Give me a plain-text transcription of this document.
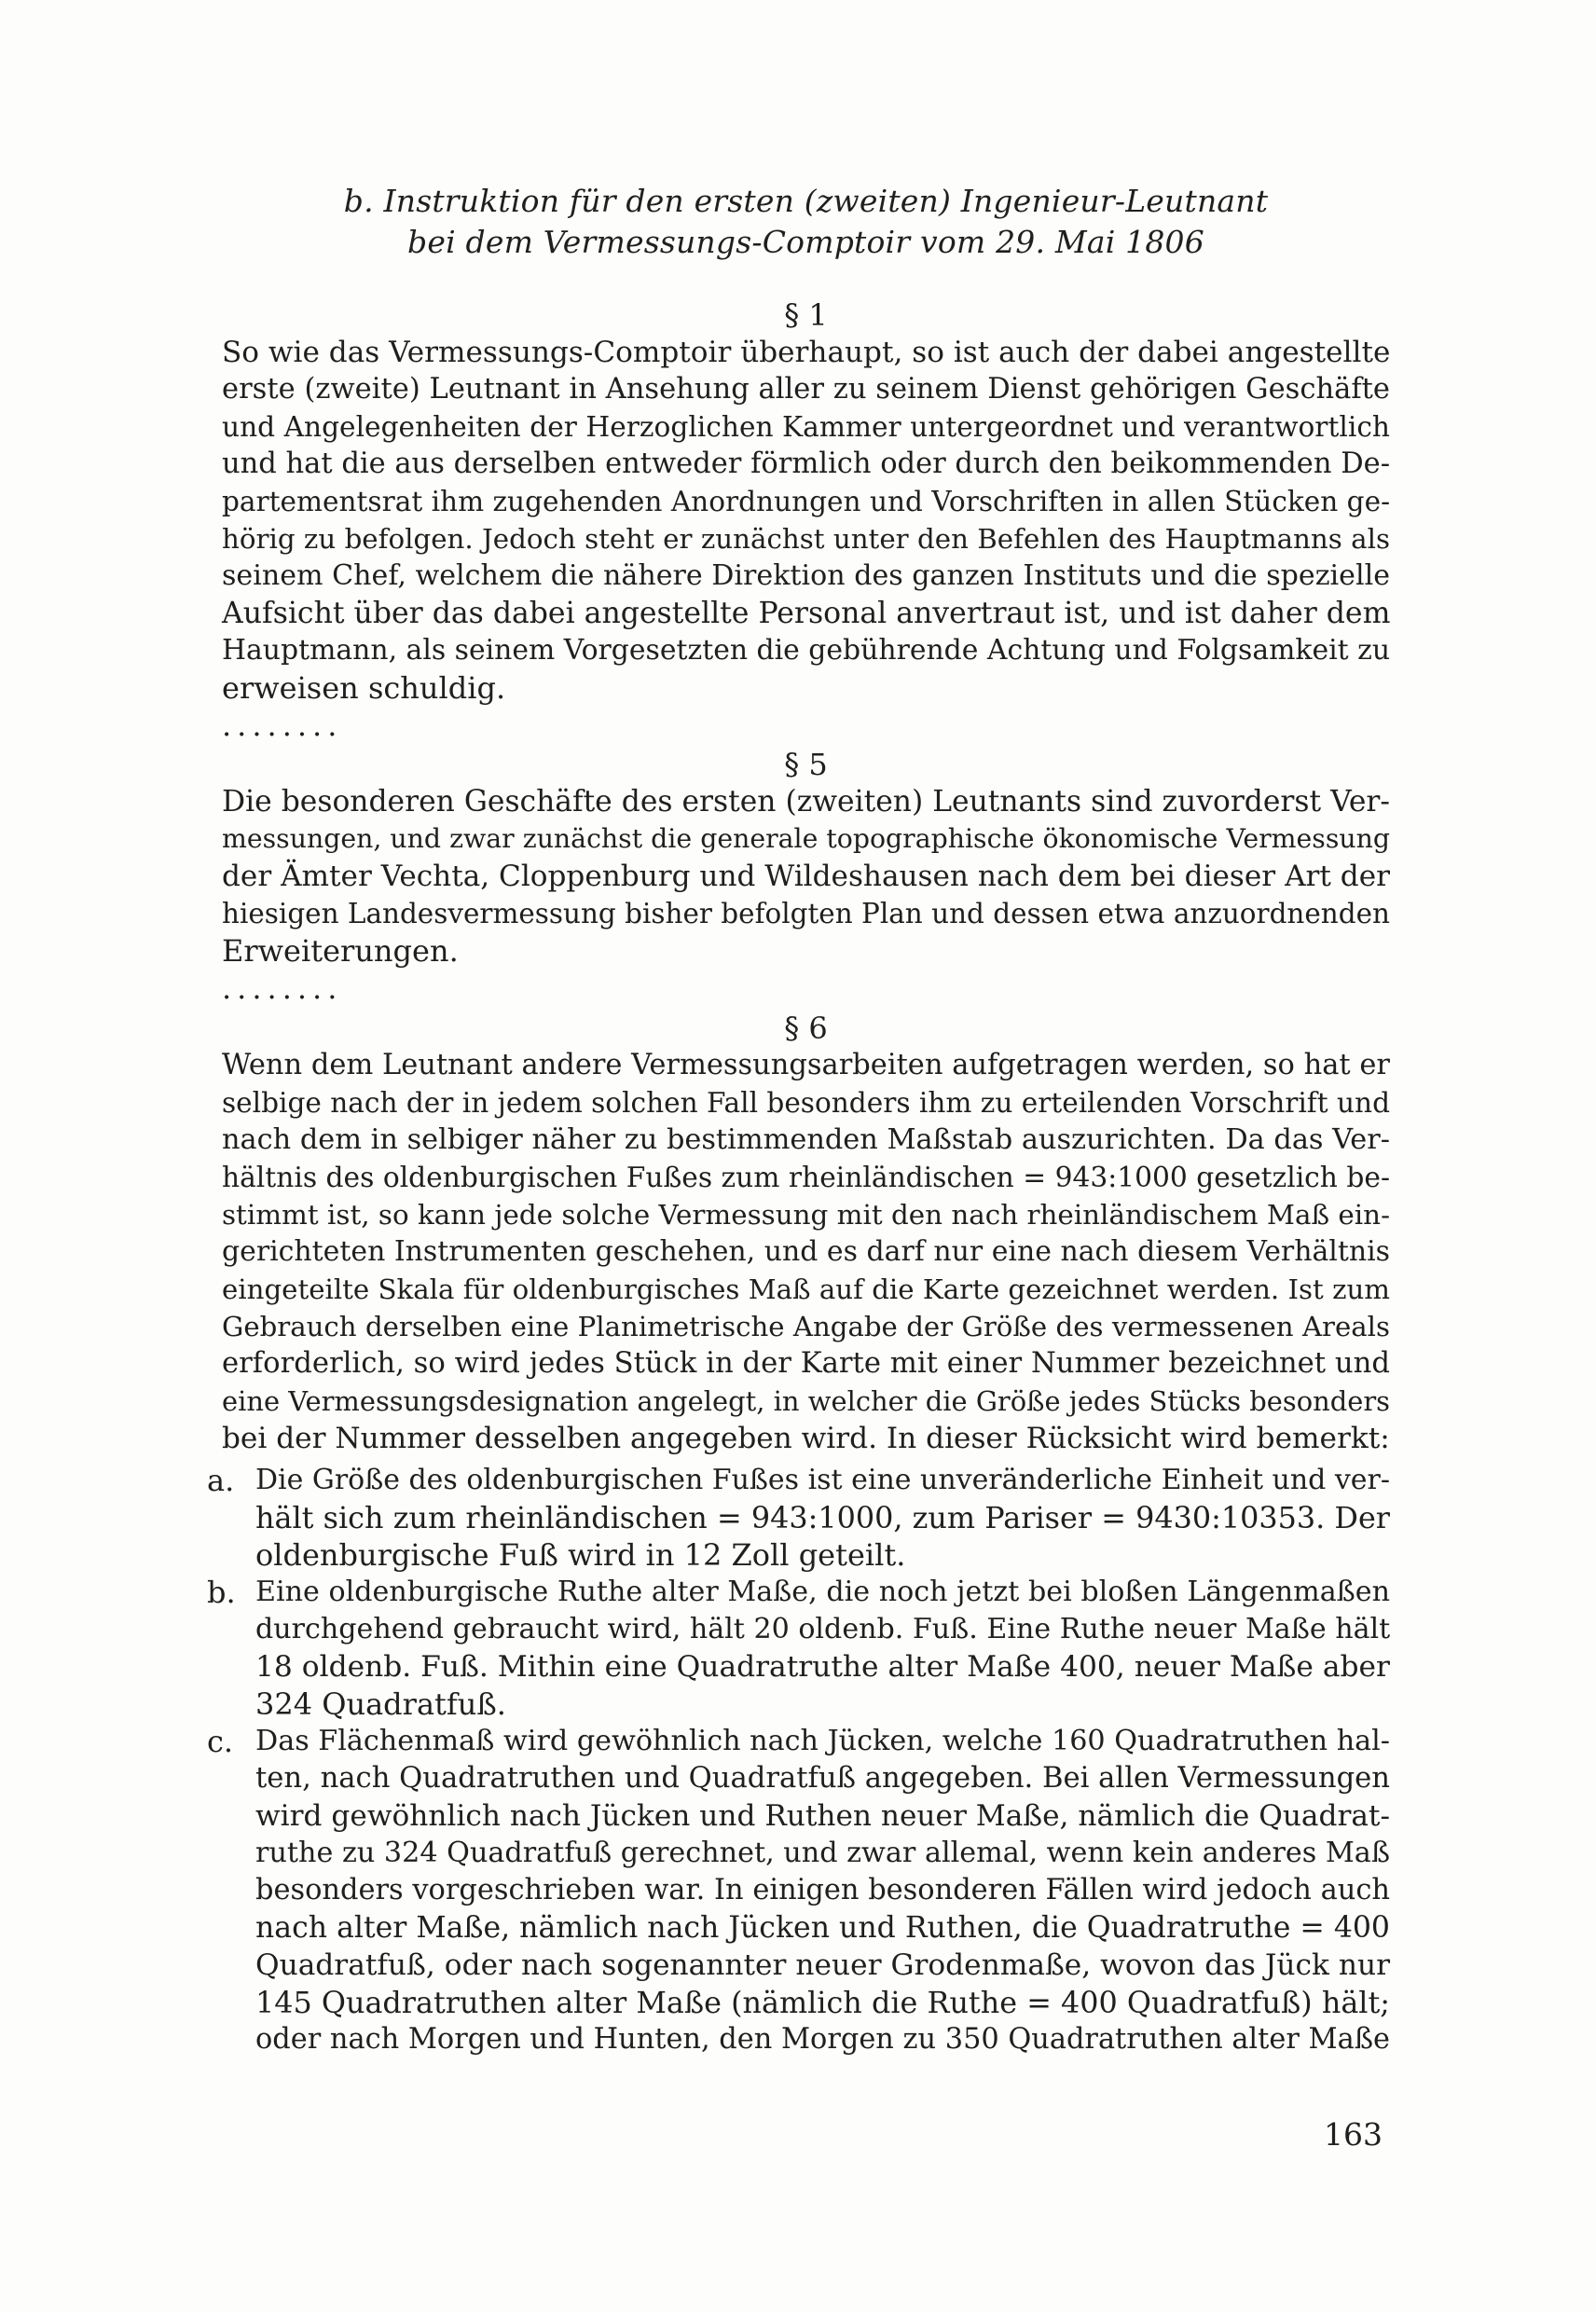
b. Instruktion für den ersten (zweiten) Ingenieur-Leutnant
bei dem Vermessungs-Comptoir vom 29. Mai 1806
§ 1
So wie das Vermessungs-Comptoir überhaupt, so ist auch der dabei angestellte
erste (zweite) Leutnant in Ansehung aller zu seinem Dienst gehörigen Geschäfte
und Angelegenheiten der Herzoglichen Kammer untergeordnet und verantwortlich
und hat die aus derselben entweder förmlich oder durch den beikommenden De-
partementsrat ihm zugehenden Anordnungen und Vorschriften in allen Stücken ge-
hörig zu befolgen. Jedoch steht er zunächst unter den Befehlen des Hauptmanns als
seinem Chef, welchem die nähere Direktion des ganzen Instituts und die spezielle
Aufsicht über das dabei angestellte Personal anvertraut ist, und ist daher dem
Hauptmann, als seinem Vorgesetzten die gebührende Achtung und Folgsamkeit zu
erweisen schuldig.
........
§ 5
Die besonderen Geschäfte des ersten (zweiten) Leutnants sind zuvorderst Ver-
messungen, und zwar zunächst die generale topographische ökonomische Vermessung
der Ämter Vechta, Cloppenburg und Wildeshausen nach dem bei dieser Art der
hiesigen Landesvermessung bisher befolgten Plan und dessen etwa anzuordnenden
Erweiterungen.
........
§ 6
Wenn dem Leutnant andere Vermessungsarbeiten aufgetragen werden, so hat er
selbige nach der in jedem solchen Fall besonders ihm zu erteilenden Vorschrift und
nach dem in selbiger näher zu bestimmenden Maßstab auszurichten. Da das Ver-
hältnis des oldenburgischen Fußes zum rheinländischen = 943:1000 gesetzlich be-
stimmt ist, so kann jede solche Vermessung mit den nach rheinländischem Maß ein-
gerichteten Instrumenten geschehen, und es darf nur eine nach diesem Verhältnis
eingeteilte Skala für oldenburgisches Maß auf die Karte gezeichnet werden. Ist zum
Gebrauch derselben eine Planimetrische Angabe der Größe des vermessenen Areals
erforderlich, so wird jedes Stück in der Karte mit einer Nummer bezeichnet und
eine Vermessungsdesignation angelegt, in welcher die Größe jedes Stücks besonders
bei der Nummer desselben angegeben wird. In dieser Rücksicht wird bemerkt:
a. Die Größe des oldenburgischen Fußes ist eine unveränderliche Einheit und ver-
hält sich zum rheinländischen = 943:1000, zum Pariser = 9430:10353. Der
oldenburgische Fuß wird in 12 Zoll geteilt.
b. Eine oldenburgische Ruthe alter Maße, die noch jetzt bei bloßen Längenmaßen
durchgehend gebraucht wird, hält 20 oldenb. Fuß. Eine Ruthe neuer Maße hält
18 oldenb. Fuß. Mithin eine Quadratruthe alter Maße 400, neuer Maße aber
324 Quadratfuß.
c. Das Flächenmaß wird gewöhnlich nach Jücken, welche 160 Quadratruthen hal-
ten, nach Quadratruthen und Quadratfuß angegeben. Bei allen Vermessungen
wird gewöhnlich nach Jücken und Ruthen neuer Maße, nämlich die Quadrat-
ruthe zu 324 Quadratfuß gerechnet, und zwar allemal, wenn kein anderes Maß
besonders vorgeschrieben war. In einigen besonderen Fällen wird jedoch auch
nach alter Maße, nämlich nach Jücken und Ruthen, die Quadratruthe = 400
Quadratfuß, oder nach sogenannter neuer Grodenmaße, wovon das Jück nur
145 Quadratruthen alter Maße (nämlich die Ruthe = 400 Quadratfuß) hält;
oder nach Morgen und Hunten, den Morgen zu 350 Quadratruthen alter Maße
163
